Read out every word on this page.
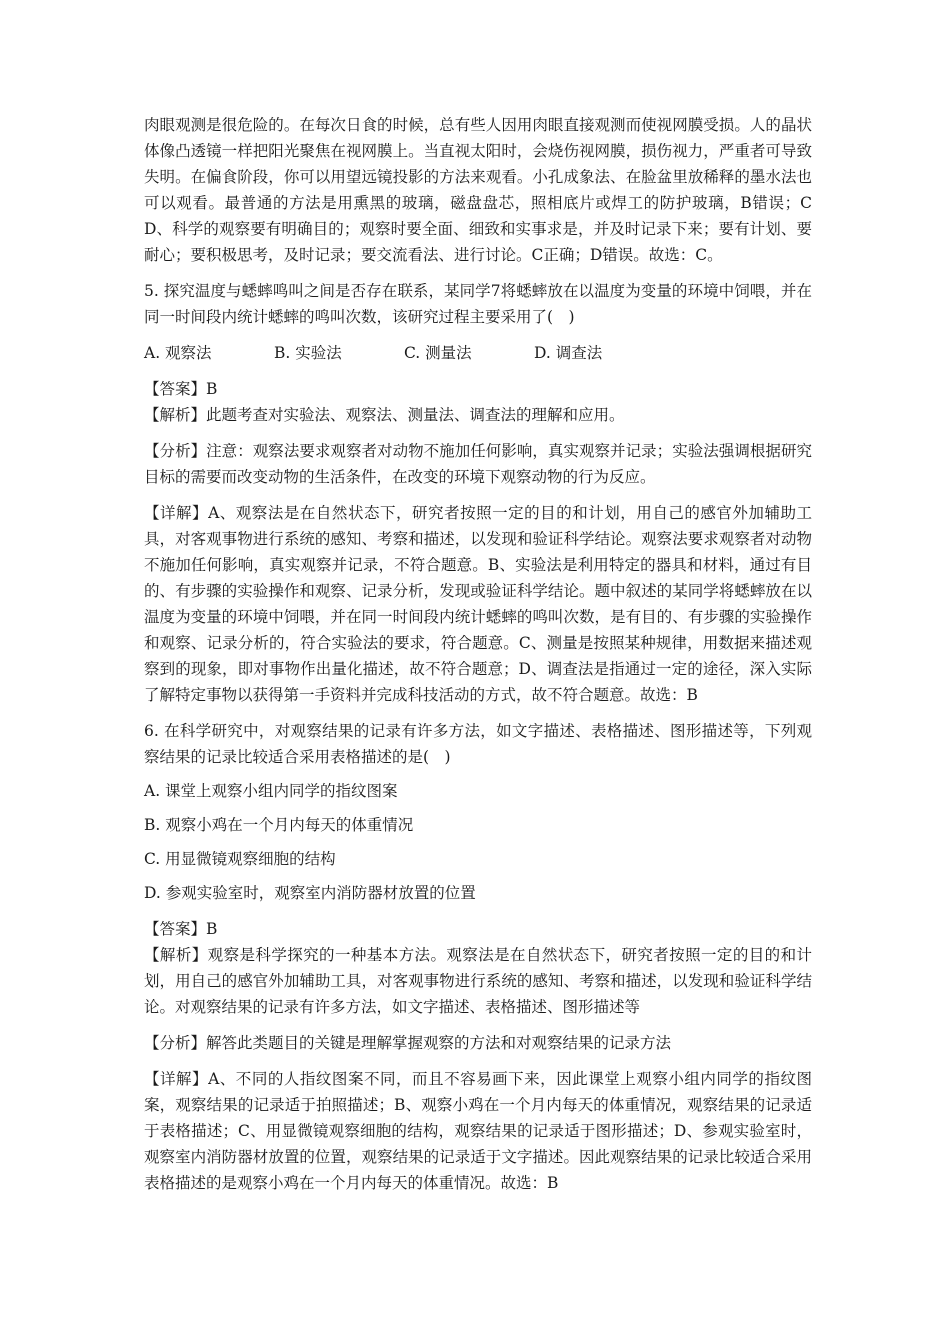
肉眼观测是很危险的。在每次日食的时候，总有些人因用肉眼直接观测而使视网膜受损。人的晶状体像凸透镜一样把阳光聚焦在视网膜上。当直视太阳时，会烧伤视网膜，损伤视力，严重者可导致失明。在偏食阶段，你可以用望远镜投影的方法来观看。小孔成象法、在脸盆里放稀释的墨水法也可以观看。最普通的方法是用熏黑的玻璃，磁盘盘芯，照相底片或焊工的防护玻璃，B错误；CD、科学的观察要有明确目的；观察时要全面、细致和实事求是，并及时记录下来；要有计划、要耐心；要积极思考，及时记录；要交流看法、进行讨论。C正确；D错误。故选：C。

5. 探究温度与蟋蟀鸣叫之间是否存在联系，某同学7将蟋蟀放在以温度为变量的环境中饲喂，并在同一时间段内统计蟋蟀的鸣叫次数，该研究过程主要采用了(　)

A. 观察法	B. 实验法	C. 测量法	D. 调查法

【答案】B

【解析】此题考查对实验法、观察法、测量法、调查法的理解和应用。

【分析】注意：观察法要求观察者对动物不施加任何影响，真实观察并记录；实验法强调根据研究目标的需要而改变动物的生活条件，在改变的环境下观察动物的行为反应。

【详解】A、观察法是在自然状态下，研究者按照一定的目的和计划，用自己的感官外加辅助工具，对客观事物进行系统的感知、考察和描述，以发现和验证科学结论。观察法要求观察者对动物不施加任何影响，真实观察并记录，不符合题意。B、实验法是利用特定的器具和材料，通过有目的、有步骤的实验操作和观察、记录分析，发现或验证科学结论。题中叙述的某同学将蟋蟀放在以温度为变量的环境中饲喂，并在同一时间段内统计蟋蟀的鸣叫次数，是有目的、有步骤的实验操作和观察、记录分析的，符合实验法的要求，符合题意。C、测量是按照某种规律，用数据来描述观察到的现象，即对事物作出量化描述，故不符合题意；D、调查法是指通过一定的途径，深入实际了解特定事物以获得第一手资料并完成科技活动的方式，故不符合题意。故选：B

6. 在科学研究中，对观察结果的记录有许多方法，如文字描述、表格描述、图形描述等，下列观察结果的记录比较适合采用表格描述的是(　)

A. 课堂上观察小组内同学的指纹图案

B. 观察小鸡在一个月内每天的体重情况

C. 用显微镜观察细胞的结构

D. 参观实验室时，观察室内消防器材放置的位置

【答案】B

【解析】观察是科学探究的一种基本方法。观察法是在自然状态下，研究者按照一定的目的和计划，用自己的感官外加辅助工具，对客观事物进行系统的感知、考察和描述，以发现和验证科学结论。对观察结果的记录有许多方法，如文字描述、表格描述、图形描述等

【分析】解答此类题目的关键是理解掌握观察的方法和对观察结果的记录方法

【详解】A、不同的人指纹图案不同，而且不容易画下来，因此课堂上观察小组内同学的指纹图案，观察结果的记录适于拍照描述；B、观察小鸡在一个月内每天的体重情况，观察结果的记录适于表格描述；C、用显微镜观察细胞的结构，观察结果的记录适于图形描述；D、参观实验室时，观察室内消防器材放置的位置，观察结果的记录适于文字描述。因此观察结果的记录比较适合采用表格描述的是观察小鸡在一个月内每天的体重情况。故选：B
